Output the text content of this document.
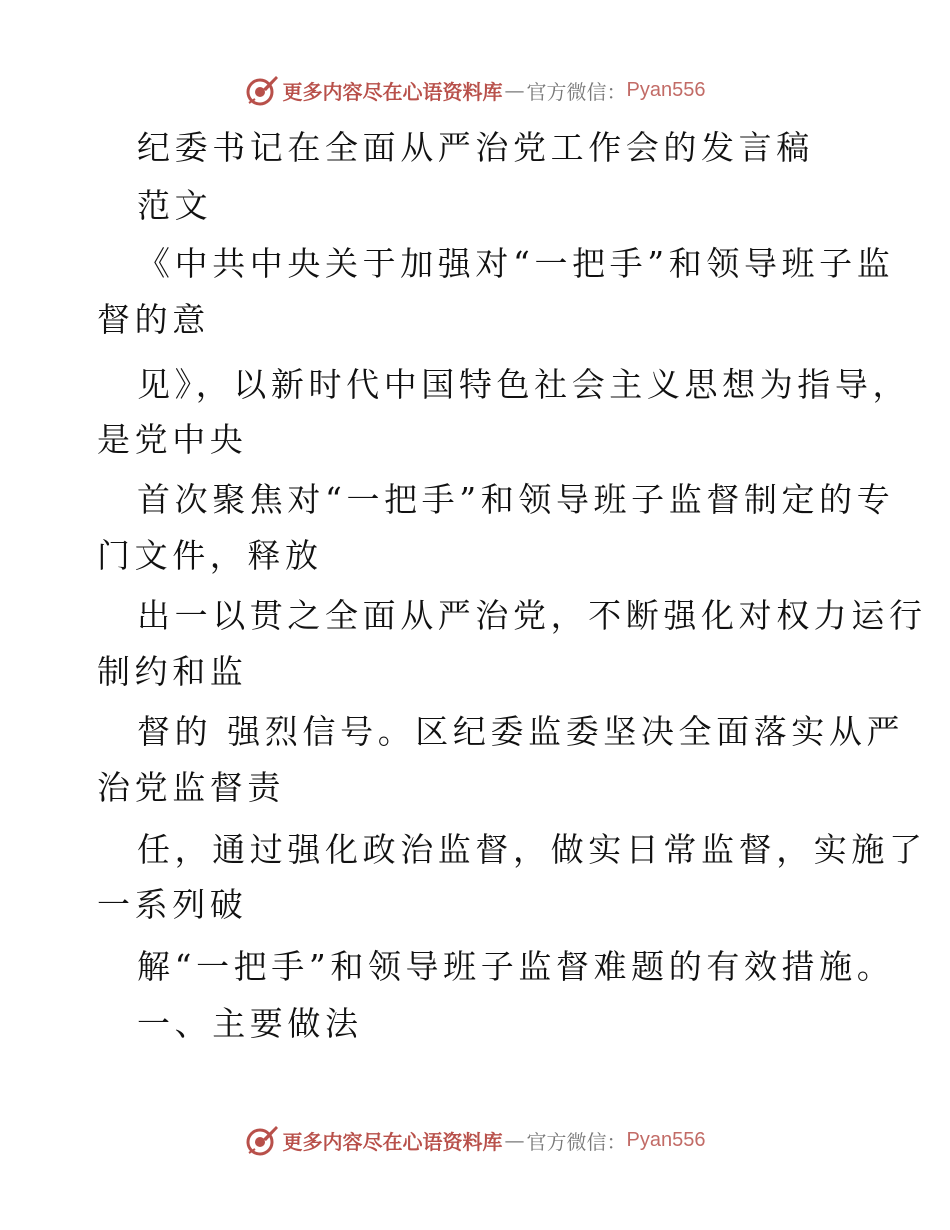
更多内容尽在心语资料库 — 官方微信： Pyan556
纪委书记在全面从严治党工作会的发言稿
范文
《中共中央关于加强对“一把手”和领导班子监
督的意
见》，以新时代中国特色社会主义思想为指导，
是党中央
首次聚焦对“一把手”和领导班子监督制定的专
门文件，释放
出一以贯之全面从严治党，不断强化对权力运行
制约和监
督的 强烈信号。区纪委监委坚决全面落实从严
治党监督责
任，通过强化政治监督，做实日常监督，实施了
一系列破
解“一把手”和领导班子监督难题的有效措施。
一、主要做法
更多内容尽在心语资料库 — 官方微信： Pyan556
